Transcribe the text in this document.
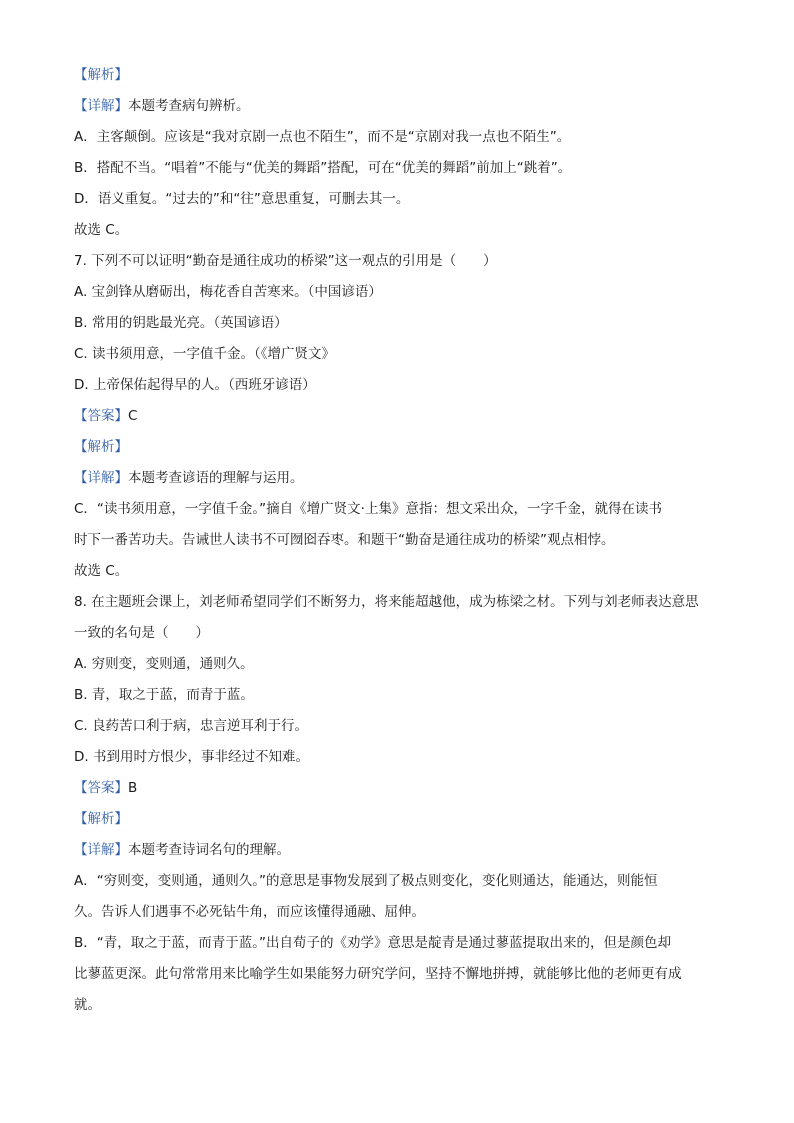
【解析】
【详解】本题考查病句辨析。
A．主客颠倒。应该是“我对京剧一点也不陌生”，而不是“京剧对我一点也不陌生”。
B．搭配不当。“唱着”不能与“优美的舞蹈”搭配，可在“优美的舞蹈”前加上“跳着”。
D．语义重复。“过去的”和“往”意思重复，可删去其一。
故选 C。
7. 下列不可以证明“勤奋是通往成功的桥梁”这一观点的引用是（　　）
A. 宝剑锋从磨砺出，梅花香自苦寒来。（中国谚语）
B. 常用的钥匙最光亮。（英国谚语）
C. 读书须用意，一字值千金。（《增广贤文》
D. 上帝保佑起得早的人。（西班牙谚语）
【答案】C
【解析】
【详解】本题考查谚语的理解与运用。
C．“读书须用意，一字值千金。”摘自《增广贤文·上集》意指：想文采出众，一字千金，就得在读书
时下一番苦功夫。告诫世人读书不可囫囵吞枣。和题干“勤奋是通往成功的桥梁”观点相悖。
故选 C。
8. 在主题班会课上，刘老师希望同学们不断努力，将来能超越他，成为栋梁之材。下列与刘老师表达意思
一致的名句是（　　）
A. 穷则变，变则通，通则久。
B. 青，取之于蓝，而青于蓝。
C. 良药苦口利于病，忠言逆耳利于行。
D. 书到用时方恨少，事非经过不知难。
【答案】B
【解析】
【详解】本题考查诗词名句的理解。
A．“穷则变，变则通，通则久。”的意思是事物发展到了极点则变化，变化则通达，能通达，则能恒
久。告诉人们遇事不必死钻牛角，而应该懂得通融、屈伸。
B．“青，取之于蓝，而青于蓝。”出自荀子的《劝学》意思是靛青是通过蓼蓝提取出来的，但是颜色却
比蓼蓝更深。此句常常用来比喻学生如果能努力研究学问，坚持不懈地拼搏，就能够比他的老师更有成
就。
